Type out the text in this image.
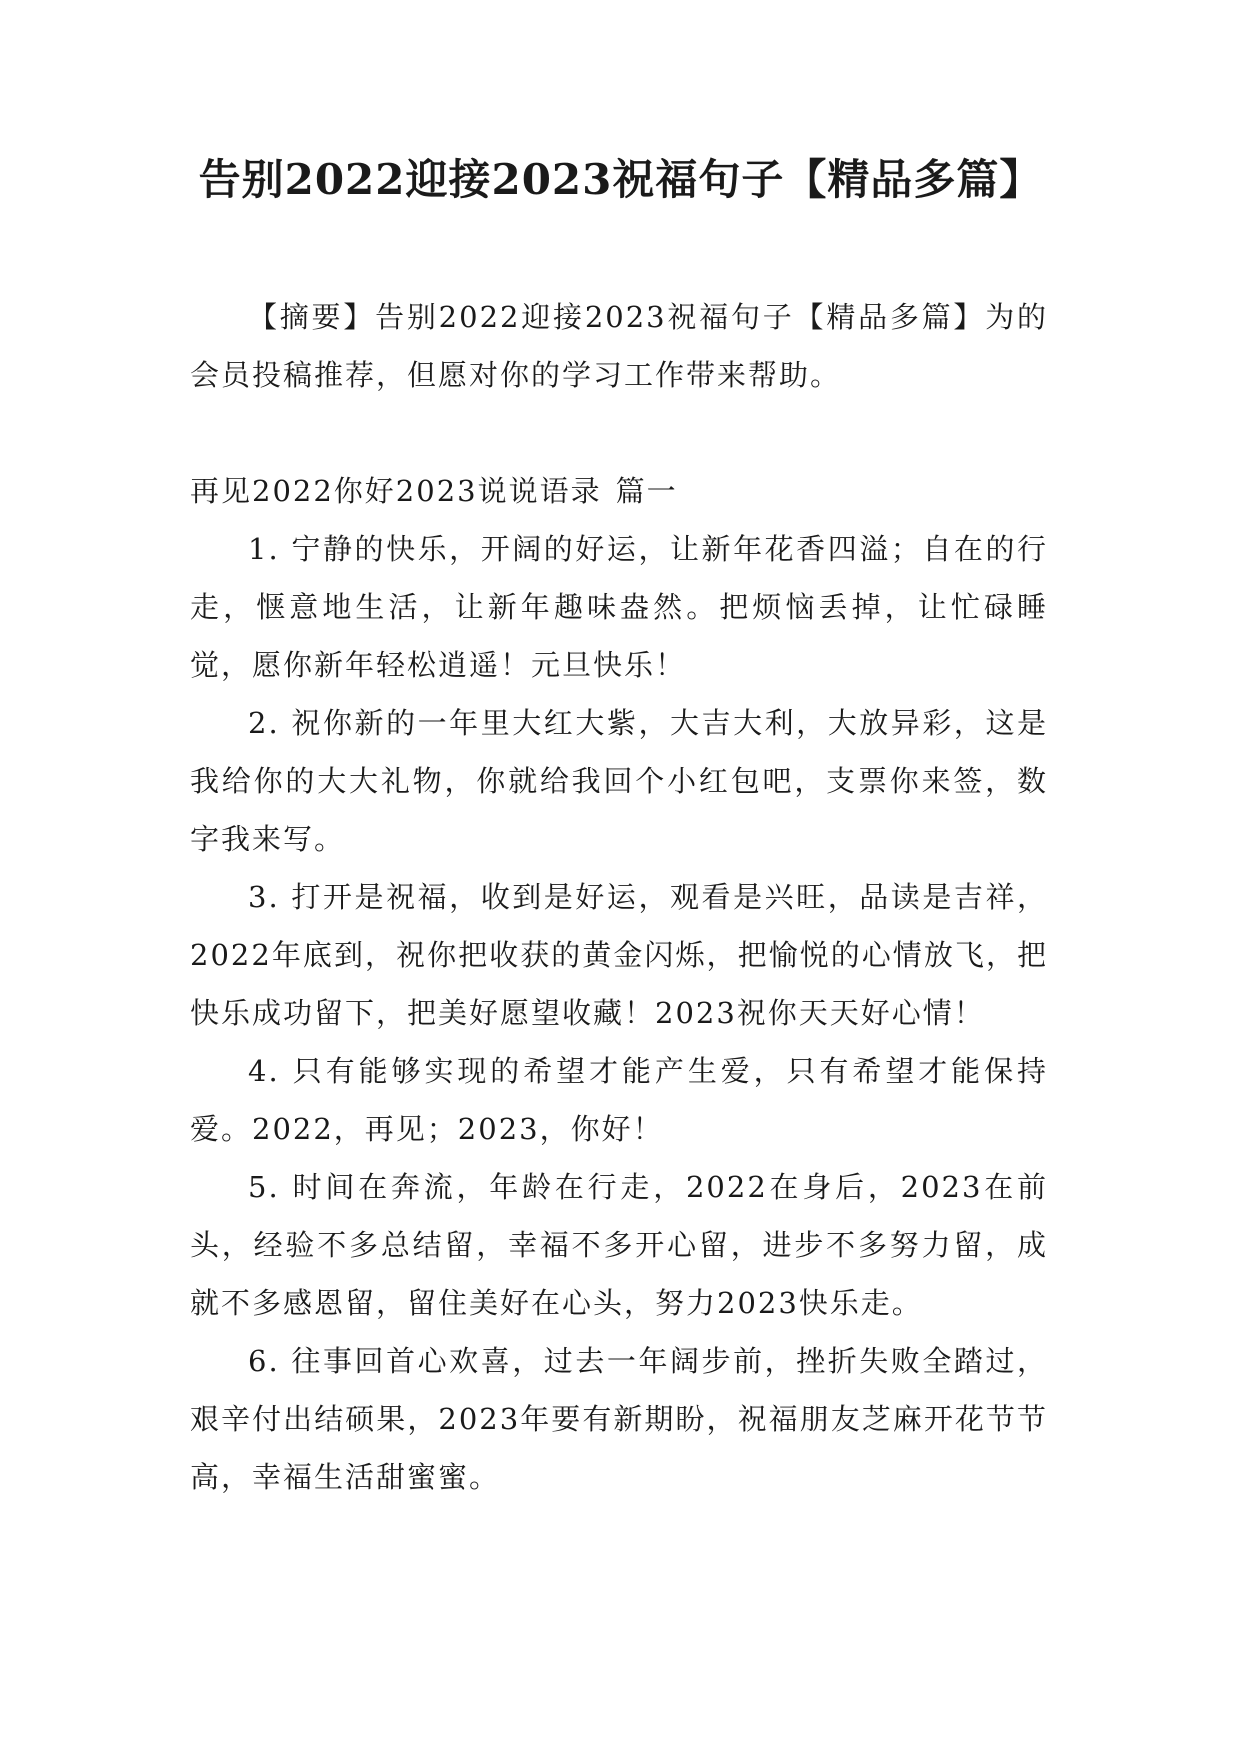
告别2022迎接2023祝福句子【精品多篇】

【摘要】告别2022迎接2023祝福句子【精品多篇】为的会员投稿推荐，但愿对你的学习工作带来帮助。

再见2022你好2023说说语录 篇一

1. 宁静的快乐，开阔的好运，让新年花香四溢；自在的行走，惬意地生活，让新年趣味盎然。把烦恼丢掉，让忙碌睡觉，愿你新年轻松逍遥！元旦快乐！

2. 祝你新的一年里大红大紫，大吉大利，大放异彩，这是我给你的大大礼物，你就给我回个小红包吧，支票你来签，数字我来写。

3. 打开是祝福，收到是好运，观看是兴旺，品读是吉祥，2022年底到，祝你把收获的黄金闪烁，把愉悦的心情放飞，把快乐成功留下，把美好愿望收藏！2023祝你天天好心情！

4. 只有能够实现的希望才能产生爱，只有希望才能保持爱。2022，再见；2023，你好！

5. 时间在奔流，年龄在行走，2022在身后，2023在前头，经验不多总结留，幸福不多开心留，进步不多努力留，成就不多感恩留，留住美好在心头，努力2023快乐走。

6. 往事回首心欢喜，过去一年阔步前，挫折失败全踏过，艰辛付出结硕果，2023年要有新期盼，祝福朋友芝麻开花节节高，幸福生活甜蜜蜜。
